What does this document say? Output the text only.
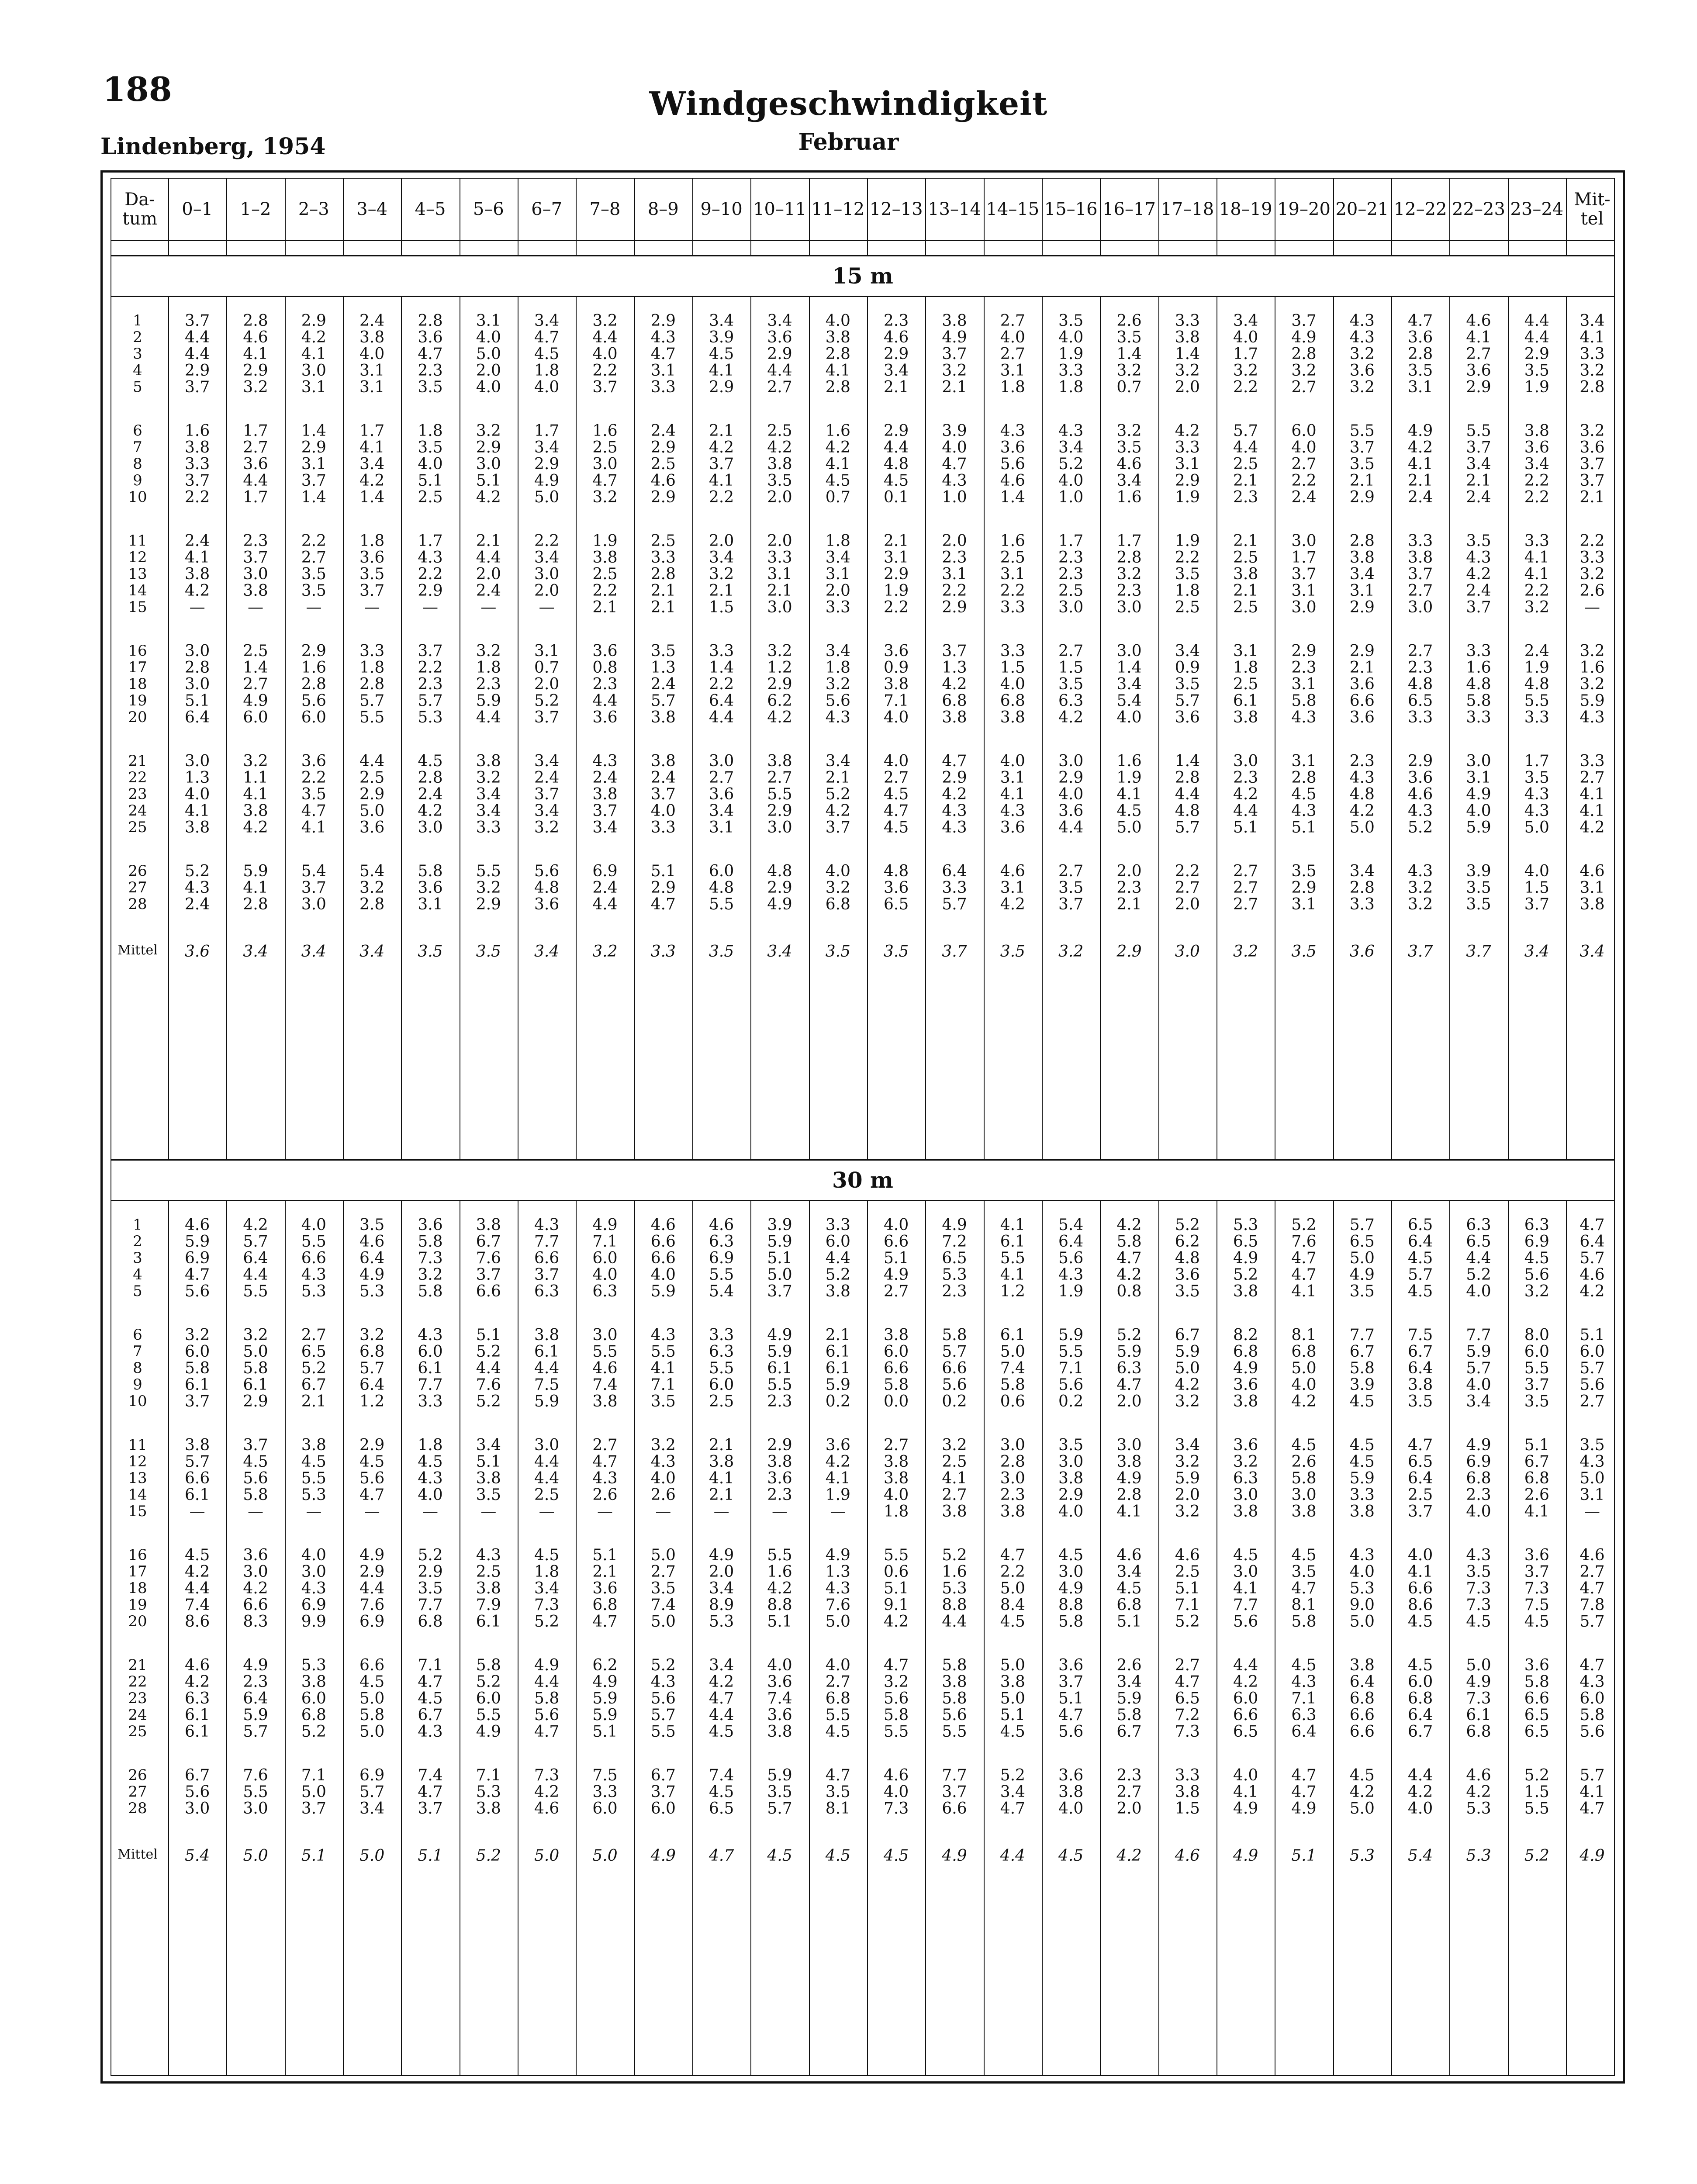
188	Windgeschwindigkeit
Lindenberg, 1954	Februar
Da-
tum	0–1	1–2	2–3	3–4	4–5	5–6	6–7	7–8	8–9	9–10 10–11 11–12 12–13 13–14 14–15 15–16 16–17 17–18 18–19 19–20 20–21 12–22 22–23 23–24 Mit-
tel
15 m
1	3.7	2.8	2.9	2.4	2.8	3.1	3.4	3.2	2.9	3.4	3.4	4.0	2.3	3.8	2.7	3.5	2.6	3.3	3.4	3.7	4.3	4.7	4.6	4.4	3.4
2	4.4	4.6	4.2	3.8	3.6	4.0	4.7	4.4	4.3	3.9	3.6	3.8	4.6	4.9	4.0	4.0	3.5	3.8	4.0	4.9	4.3	3.6	4.1	4.4	4.1
3	4.4	4.1	4.1	4.0	4.7	5.0	4.5	4.0	4.7	4.5	2.9	2.8	2.9	3.7	2.7	1.9	1.4	1.4	1.7	2.8	3.2	2.8	2.7	2.9	3.3
4	2.9	2.9	3.0	3.1	2.3	2.0	1.8	2.2	3.1	4.1	4.4	4.1	3.4	3.2	3.1	3.3	3.2	3.2	3.2	3.2	3.6	3.5	3.6	3.5	3.2
5	3.7	3.2	3.1	3.1	3.5	4.0	4.0	3.7	3.3	2.9	2.7	2.8	2.1	2.1	1.8	1.8	0.7	2.0	2.2	2.7	3.2	3.1	2.9	1.9	2.8
6	1.6	1.7	1.4	1.7	1.8	3.2	1.7	1.6	2.4	2.1	2.5	1.6	2.9	3.9	4.3	4.3	3.2	4.2	5.7	6.0	5.5	4.9	5.5	3.8	3.2
7	3.8	2.7	2.9	4.1	3.5	2.9	3.4	2.5	2.9	4.2	4.2	4.2	4.4	4.0	3.6	3.4	3.5	3.3	4.4	4.0	3.7	4.2	3.7	3.6	3.6
8	3.3	3.6	3.1	3.4	4.0	3.0	2.9	3.0	2.5	3.7	3.8	4.1	4.8	4.7	5.6	5.2	4.6	3.1	2.5	2.7	3.5	4.1	3.4	3.4	3.7
9	3.7	4.4	3.7	4.2	5.1	5.1	4.9	4.7	4.6	4.1	3.5	4.5	4.5	4.3	4.6	4.0	3.4	2.9	2.1	2.2	2.1	2.1	2.1	2.2	3.7
10	2.2	1.7	1.4	1.4	2.5	4.2	5.0	3.2	2.9	2.2	2.0	0.7	0.1	1.0	1.4	1.0	1.6	1.9	2.3	2.4	2.9	2.4	2.4	2.2	2.1
11	2.4	2.3	2.2	1.8	1.7	2.1	2.2	1.9	2.5	2.0	2.0	1.8	2.1	2.0	1.6	1.7	1.7	1.9	2.1	3.0	2.8	3.3	3.5	3.3	2.2
12	4.1	3.7	2.7	3.6	4.3	4.4	3.4	3.8	3.3	3.4	3.3	3.4	3.1	2.3	2.5	2.3	2.8	2.2	2.5	1.7	3.8	3.8	4.3	4.1	3.3
13	3.8	3.0	3.5	3.5	2.2	2.0	3.0	2.5	2.8	3.2	3.1	3.1	2.9	3.1	3.1	2.3	3.2	3.5	3.8	3.7	3.4	3.7	4.2	4.1	3.2
14	4.2	3.8	3.5	3.7	2.9	2.4	2.0	2.2	2.1	2.1	2.1	2.0	1.9	2.2	2.2	2.5	2.3	1.8	2.1	3.1	3.1	2.7	2.4	2.2	2.6
15	—	—	—	—	—	—	—	2.1	2.1	1.5	3.0	3.3	2.2	2.9	3.3	3.0	3.0	2.5	2.5	3.0	2.9	3.0	3.7	3.2	—
16	3.0	2.5	2.9	3.3	3.7	3.2	3.1	3.6	3.5	3.3	3.2	3.4	3.6	3.7	3.3	2.7	3.0	3.4	3.1	2.9	2.9	2.7	3.3	2.4	3.2
17	2.8	1.4	1.6	1.8	2.2	1.8	0.7	0.8	1.3	1.4	1.2	1.8	0.9	1.3	1.5	1.5	1.4	0.9	1.8	2.3	2.1	2.3	1.6	1.9	1.6
18	3.0	2.7	2.8	2.8	2.3	2.3	2.0	2.3	2.4	2.2	2.9	3.2	3.8	4.2	4.0	3.5	3.4	3.5	2.5	3.1	3.6	4.8	4.8	4.8	3.2
19	5.1	4.9	5.6	5.7	5.7	5.9	5.2	4.4	5.7	6.4	6.2	5.6	7.1	6.8	6.8	6.3	5.4	5.7	6.1	5.8	6.6	6.5	5.8	5.5	5.9
20	6.4	6.0	6.0	5.5	5.3	4.4	3.7	3.6	3.8	4.4	4.2	4.3	4.0	3.8	3.8	4.2	4.0	3.6	3.8	4.3	3.6	3.3	3.3	3.3	4.3
21	3.0	3.2	3.6	4.4	4.5	3.8	3.4	4.3	3.8	3.0	3.8	3.4	4.0	4.7	4.0	3.0	1.6	1.4	3.0	3.1	2.3	2.9	3.0	1.7	3.3
22	1.3	1.1	2.2	2.5	2.8	3.2	2.4	2.4	2.4	2.7	2.7	2.1	2.7	2.9	3.1	2.9	1.9	2.8	2.3	2.8	4.3	3.6	3.1	3.5	2.7
23	4.0	4.1	3.5	2.9	2.4	3.4	3.7	3.8	3.7	3.6	5.5	5.2	4.5	4.2	4.1	4.0	4.1	4.4	4.2	4.5	4.8	4.6	4.9	4.3	4.1
24	4.1	3.8	4.7	5.0	4.2	3.4	3.4	3.7	4.0	3.4	2.9	4.2	4.7	4.3	4.3	3.6	4.5	4.8	4.4	4.3	4.2	4.3	4.0	4.3	4.1
25	3.8	4.2	4.1	3.6	3.0	3.3	3.2	3.4	3.3	3.1	3.0	3.7	4.5	4.3	3.6	4.4	5.0	5.7	5.1	5.1	5.0	5.2	5.9	5.0	4.2
26	5.2	5.9	5.4	5.4	5.8	5.5	5.6	6.9	5.1	6.0	4.8	4.0	4.8	6.4	4.6	2.7	2.0	2.2	2.7	3.5	3.4	4.3	3.9	4.0	4.6
27	4.3	4.1	3.7	3.2	3.6	3.2	4.8	2.4	2.9	4.8	2.9	3.2	3.6	3.3	3.1	3.5	2.3	2.7	2.7	2.9	2.8	3.2	3.5	1.5	3.1
28	2.4	2.8	3.0	2.8	3.1	2.9	3.6	4.4	4.7	5.5	4.9	6.8	6.5	5.7	4.2	3.7	2.1	2.0	2.7	3.1	3.3	3.2	3.5	3.7	3.8
Mittel	3.6	3.4	3.4	3.4	3.5	3.5	3.4	3.2	3.3	3.5	3.4	3.5	3.5	3.7	3.5	3.2	2.9	3.0	3.2	3.5	3.6	3.7	3.7	3.4	3.4
30 m
1	4.6	4.2	4.0	3.5	3.6	3.8	4.3	4.9	4.6	4.6	3.9	3.3	4.0	4.9	4.1	5.4	4.2	5.2	5.3	5.2	5.7	6.5	6.3	6.3	4.7
2	5.9	5.7	5.5	4.6	5.8	6.7	7.7	7.1	6.6	6.3	5.9	6.0	6.6	7.2	6.1	6.4	5.8	6.2	6.5	7.6	6.5	6.4	6.5	6.9	6.4
3	6.9	6.4	6.6	6.4	7.3	7.6	6.6	6.0	6.6	6.9	5.1	4.4	5.1	6.5	5.5	5.6	4.7	4.8	4.9	4.7	5.0	4.5	4.4	4.5	5.7
4	4.7	4.4	4.3	4.9	3.2	3.7	3.7	4.0	4.0	5.5	5.0	5.2	4.9	5.3	4.1	4.3	4.2	3.6	5.2	4.7	4.9	5.7	5.2	5.6	4.6
5	5.6	5.5	5.3	5.3	5.8	6.6	6.3	6.3	5.9	5.4	3.7	3.8	2.7	2.3	1.2	1.9	0.8	3.5	3.8	4.1	3.5	4.5	4.0	3.2	4.2
6	3.2	3.2	2.7	3.2	4.3	5.1	3.8	3.0	4.3	3.3	4.9	2.1	3.8	5.8	6.1	5.9	5.2	6.7	8.2	8.1	7.7	7.5	7.7	8.0	5.1
7	6.0	5.0	6.5	6.8	6.0	5.2	6.1	5.5	5.5	6.3	5.9	6.1	6.0	5.7	5.0	5.5	5.9	5.9	6.8	6.8	6.7	6.7	5.9	6.0	6.0
8	5.8	5.8	5.2	5.7	6.1	4.4	4.4	4.6	4.1	5.5	6.1	6.1	6.6	6.6	7.4	7.1	6.3	5.0	4.9	5.0	5.8	6.4	5.7	5.5	5.7
9	6.1	6.1	6.7	6.4	7.7	7.6	7.5	7.4	7.1	6.0	5.5	5.9	5.8	5.6	5.8	5.6	4.7	4.2	3.6	4.0	3.9	3.8	4.0	3.7	5.6
10	3.7	2.9	2.1	1.2	3.3	5.2	5.9	3.8	3.5	2.5	2.3	0.2	0.0	0.2	0.6	0.2	2.0	3.2	3.8	4.2	4.5	3.5	3.4	3.5	2.7
11	3.8	3.7	3.8	2.9	1.8	3.4	3.0	2.7	3.2	2.1	2.9	3.6	2.7	3.2	3.0	3.5	3.0	3.4	3.6	4.5	4.5	4.7	4.9	5.1	3.5
12	5.7	4.5	4.5	4.5	4.5	5.1	4.4	4.7	4.3	3.8	3.8	4.2	3.8	2.5	2.8	3.0	3.8	3.2	3.2	2.6	4.5	6.5	6.9	6.7	4.3
13	6.6	5.6	5.5	5.6	4.3	3.8	4.4	4.3	4.0	4.1	3.6	4.1	3.8	4.1	3.0	3.8	4.9	5.9	6.3	5.8	5.9	6.4	6.8	6.8	5.0
14	6.1	5.8	5.3	4.7	4.0	3.5	2.5	2.6	2.6	2.1	2.3	1.9	4.0	2.7	2.3	2.9	2.8	2.0	3.0	3.0	3.3	2.5	2.3	2.6	3.1
15	—	—	—	—	—	—	—	—	—	—	—	—	1.8	3.8	3.8	4.0	4.1	3.2	3.8	3.8	3.8	3.7	4.0	4.1	—
16	4.5	3.6	4.0	4.9	5.2	4.3	4.5	5.1	5.0	4.9	5.5	4.9	5.5	5.2	4.7	4.5	4.6	4.6	4.5	4.5	4.3	4.0	4.3	3.6	4.6
17	4.2	3.0	3.0	2.9	2.9	2.5	1.8	2.1	2.7	2.0	1.6	1.3	0.6	1.6	2.2	3.0	3.4	2.5	3.0	3.5	4.0	4.1	3.5	3.7	2.7
18	4.4	4.2	4.3	4.4	3.5	3.8	3.4	3.6	3.5	3.4	4.2	4.3	5.1	5.3	5.0	4.9	4.5	5.1	4.1	4.7	5.3	6.6	7.3	7.3	4.7
19	7.4	6.6	6.9	7.6	7.7	7.9	7.3	6.8	7.4	8.9	8.8	7.6	9.1	8.8	8.4	8.8	6.8	7.1	7.7	8.1	9.0	8.6	7.3	7.5	7.8
20	8.6	8.3	9.9	6.9	6.8	6.1	5.2	4.7	5.0	5.3	5.1	5.0	4.2	4.4	4.5	5.8	5.1	5.2	5.6	5.8	5.0	4.5	4.5	4.5	5.7
21	4.6	4.9	5.3	6.6	7.1	5.8	4.9	6.2	5.2	3.4	4.0	4.0	4.7	5.8	5.0	3.6	2.6	2.7	4.4	4.5	3.8	4.5	5.0	3.6	4.7
22	4.2	2.3	3.8	4.5	4.7	5.2	4.4	4.9	4.3	4.2	3.6	2.7	3.2	3.8	3.8	3.7	3.4	4.7	4.2	4.3	6.4	6.0	4.9	5.8	4.3
23	6.3	6.4	6.0	5.0	4.5	6.0	5.8	5.9	5.6	4.7	7.4	6.8	5.6	5.8	5.0	5.1	5.9	6.5	6.0	7.1	6.8	6.8	7.3	6.6	6.0
24	6.1	5.9	6.8	5.8	6.7	5.5	5.6	5.9	5.7	4.4	3.6	5.5	5.8	5.6	5.1	4.7	5.8	7.2	6.6	6.3	6.6	6.4	6.1	6.5	5.8
25	6.1	5.7	5.2	5.0	4.3	4.9	4.7	5.1	5.5	4.5	3.8	4.5	5.5	5.5	4.5	5.6	6.7	7.3	6.5	6.4	6.6	6.7	6.8	6.5	5.6
26	6.7	7.6	7.1	6.9	7.4	7.1	7.3	7.5	6.7	7.4	5.9	4.7	4.6	7.7	5.2	3.6	2.3	3.3	4.0	4.7	4.5	4.4	4.6	5.2	5.7
27	5.6	5.5	5.0	5.7	4.7	5.3	4.2	3.3	3.7	4.5	3.5	3.5	4.0	3.7	3.4	3.8	2.7	3.8	4.1	4.7	4.2	4.2	4.2	1.5	4.1
28	3.0	3.0	3.7	3.4	3.7	3.8	4.6	6.0	6.0	6.5	5.7	8.1	7.3	6.6	4.7	4.0	2.0	1.5	4.9	4.9	5.0	4.0	5.3	5.5	4.7
Mittel	5.4	5.0	5.1	5.0	5.1	5.2	5.0	5.0	4.9	4.7	4.5	4.5	4.5	4.9	4.4	4.5	4.2	4.6	4.9	5.1	5.3	5.4	5.3	5.2	4.9
